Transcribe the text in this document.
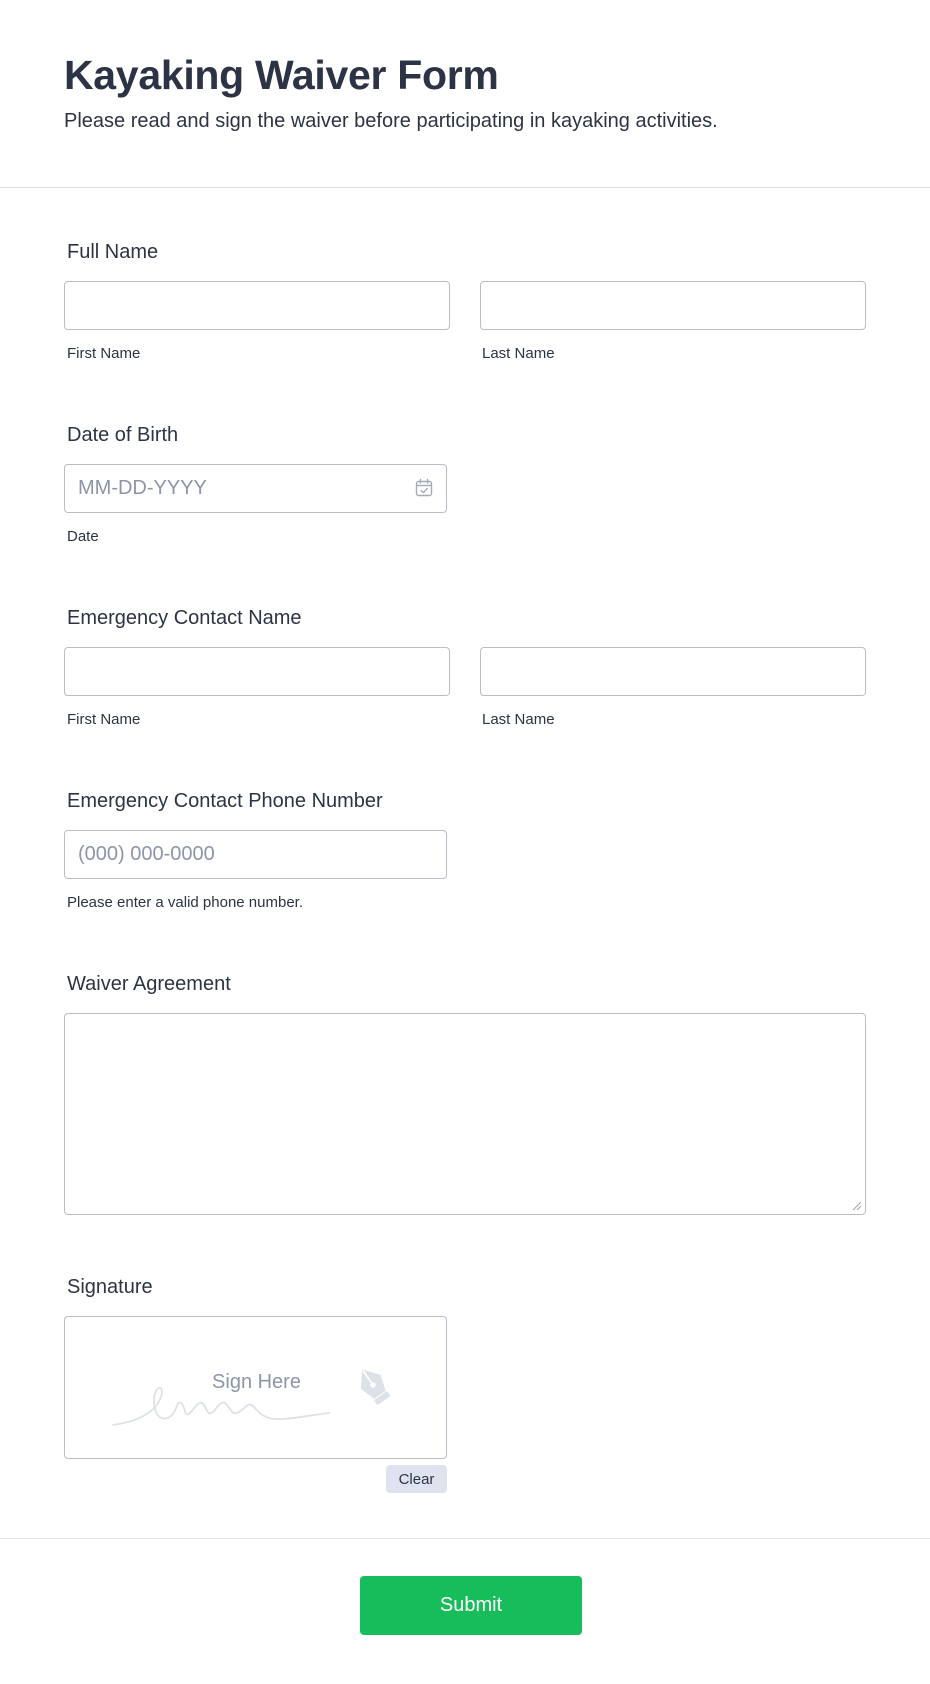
Kayaking Waiver Form

Please read and sign the waiver before participating in kayaking activities.

Full Name
First Name	Last Name
Date of Birth
MM-DD-YYYY
Date
Emergency Contact Name
First Name	Last Name
Emergency Contact Phone Number
(000) 000-0000
Please enter a valid phone number.
Waiver Agreement
Signature
Sign Here
Clear
Submit
